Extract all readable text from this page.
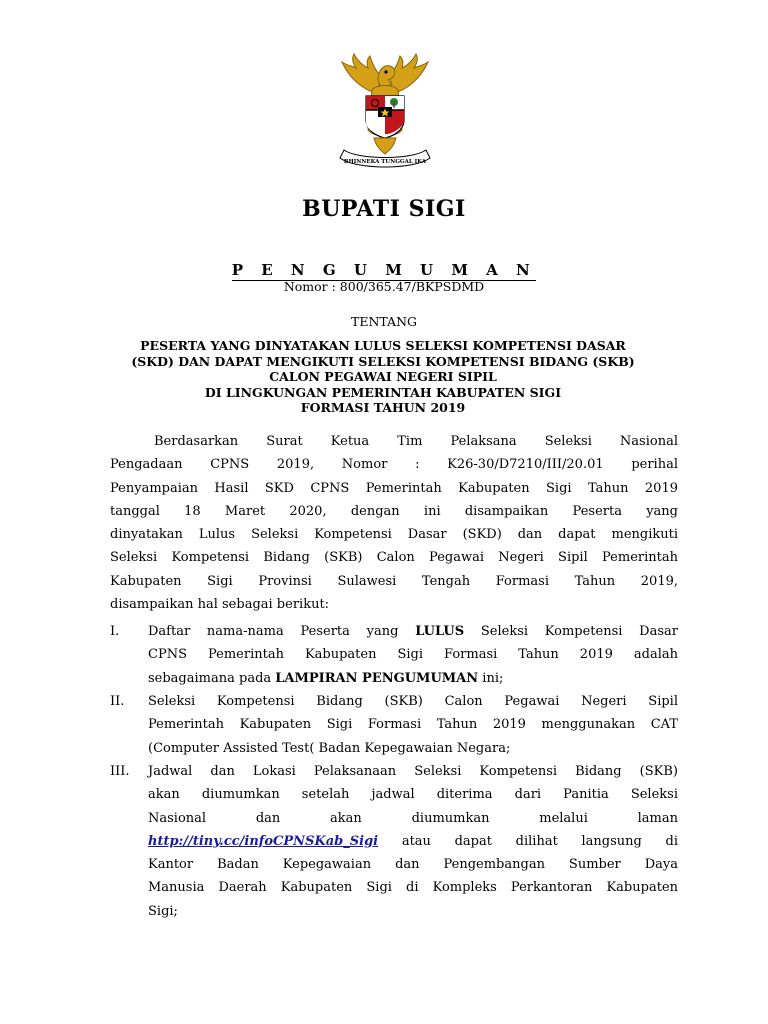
BHINNEKA TUNGGAL IKA
BUPATI SIGI
P E N G U M U M A N
Nomor : 800/365.47/BKPSDMD
TENTANG
PESERTA YANG DINYATAKAN LULUS SELEKSI KOMPETENSI DASAR
(SKD) DAN DAPAT MENGIKUTI SELEKSI KOMPETENSI BIDANG (SKB)
CALON PEGAWAI NEGERI SIPIL
DI LINGKUNGAN PEMERINTAH KABUPATEN SIGI
FORMASI TAHUN 2019
Berdasarkan Surat Ketua Tim Pelaksana Seleksi Nasional
Pengadaan CPNS 2019, Nomor : K26-30/D7210/III/20.01 perihal
Penyampaian Hasil SKD CPNS Pemerintah Kabupaten Sigi Tahun 2019
tanggal 18 Maret 2020, dengan ini disampaikan Peserta yang
dinyatakan Lulus Seleksi Kompetensi Dasar (SKD) dan dapat mengikuti
Seleksi Kompetensi Bidang (SKB) Calon Pegawai Negeri Sipil Pemerintah
Kabupaten Sigi Provinsi Sulawesi Tengah Formasi Tahun 2019,
disampaikan hal sebagai berikut:
I. Daftar nama-nama Peserta yang LULUS Seleksi Kompetensi Dasar
CPNS Pemerintah Kabupaten Sigi Formasi Tahun 2019 adalah
sebagaimana pada LAMPIRAN PENGUMUMAN ini;
II. Seleksi Kompetensi Bidang (SKB) Calon Pegawai Negeri Sipil
Pemerintah Kabupaten Sigi Formasi Tahun 2019 menggunakan CAT
(Computer Assisted Test( Badan Kepegawaian Negara;
III. Jadwal dan Lokasi Pelaksanaan Seleksi Kompetensi Bidang (SKB)
akan diumumkan setelah jadwal diterima dari Panitia Seleksi
Nasional dan akan diumumkan melalui laman
http://tiny.cc/infoCPNSKab_Sigi atau dapat dilihat langsung di
Kantor Badan Kepegawaian dan Pengembangan Sumber Daya
Manusia Daerah Kabupaten Sigi di Kompleks Perkantoran Kabupaten
Sigi;
